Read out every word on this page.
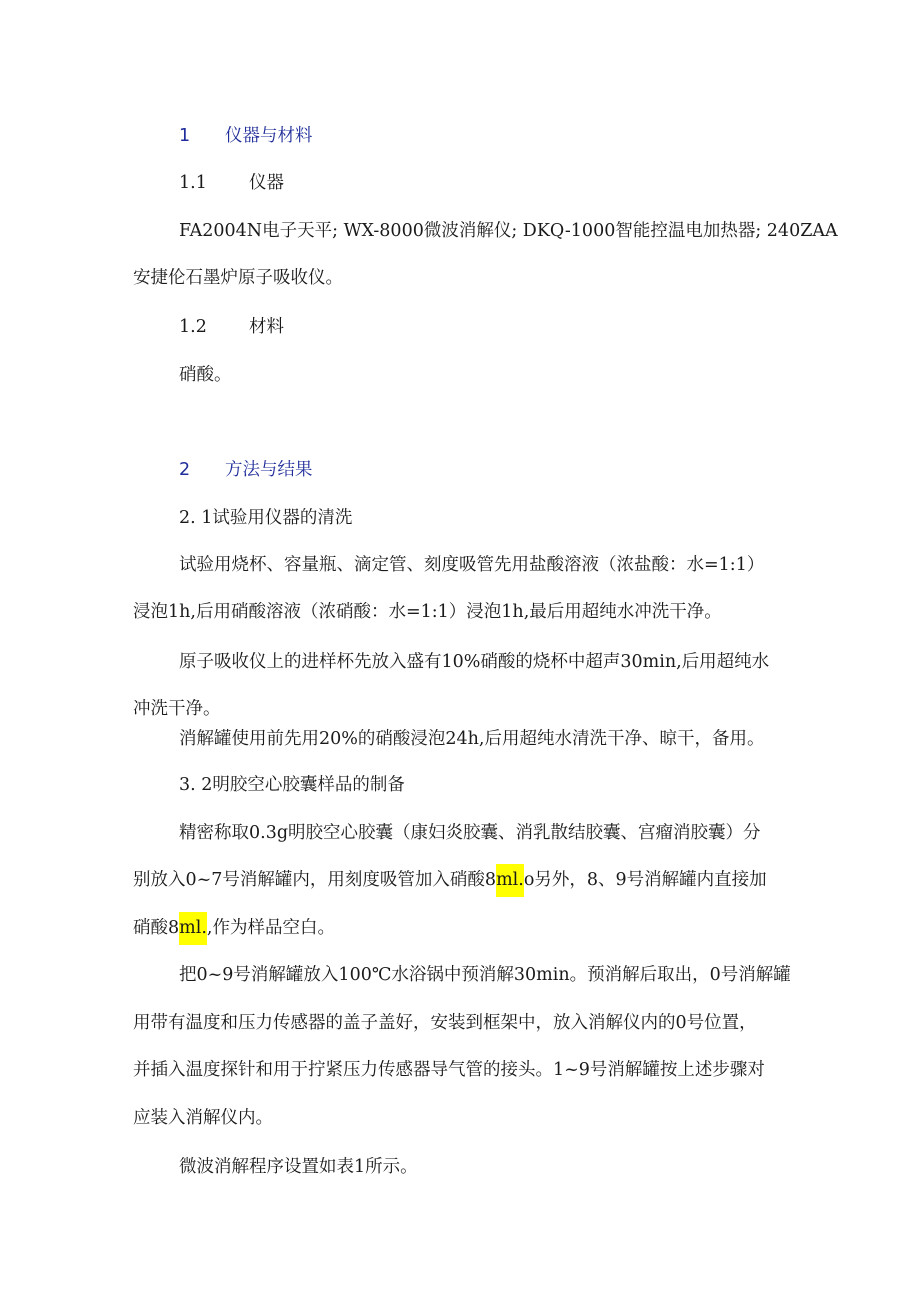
1 仪器与材料
1.1 仪器
FA2004N电子天平; WX-8000微波消解仪; DKQ-1000智能控温电加热器; 240ZAA
安捷伦石墨炉原子吸收仪。
1.2 材料
硝酸。
2 方法与结果
2. 1试验用仪器的清洗
试验用烧杯、容量瓶、滴定管、刻度吸管先用盐酸溶液（浓盐酸：水=1:1）
浸泡1h,后用硝酸溶液（浓硝酸：水=1:1）浸泡1h,最后用超纯水冲洗干净。
原子吸收仪上的进样杯先放入盛有10%硝酸的烧杯中超声30min,后用超纯水
冲洗干净。
消解罐使用前先用20%的硝酸浸泡24h,后用超纯水清洗干净、晾干，备用。
3. 2明胶空心胶囊样品的制备
精密称取0.3g明胶空心胶囊（康妇炎胶囊、消乳散结胶囊、宫瘤消胶囊）分
别放入0~7号消解罐内，用刻度吸管加入硝酸8ml.o另外，8、9号消解罐内直接加
硝酸8ml.,作为样品空白。
把0~9号消解罐放入100℃水浴锅中预消解30min。预消解后取出，0号消解罐
用带有温度和压力传感器的盖子盖好，安装到框架中，放入消解仪内的0号位置，
并插入温度探针和用于拧紧压力传感器导气管的接头。1~9号消解罐按上述步骤对
应装入消解仪内。
微波消解程序设置如表1所示。
